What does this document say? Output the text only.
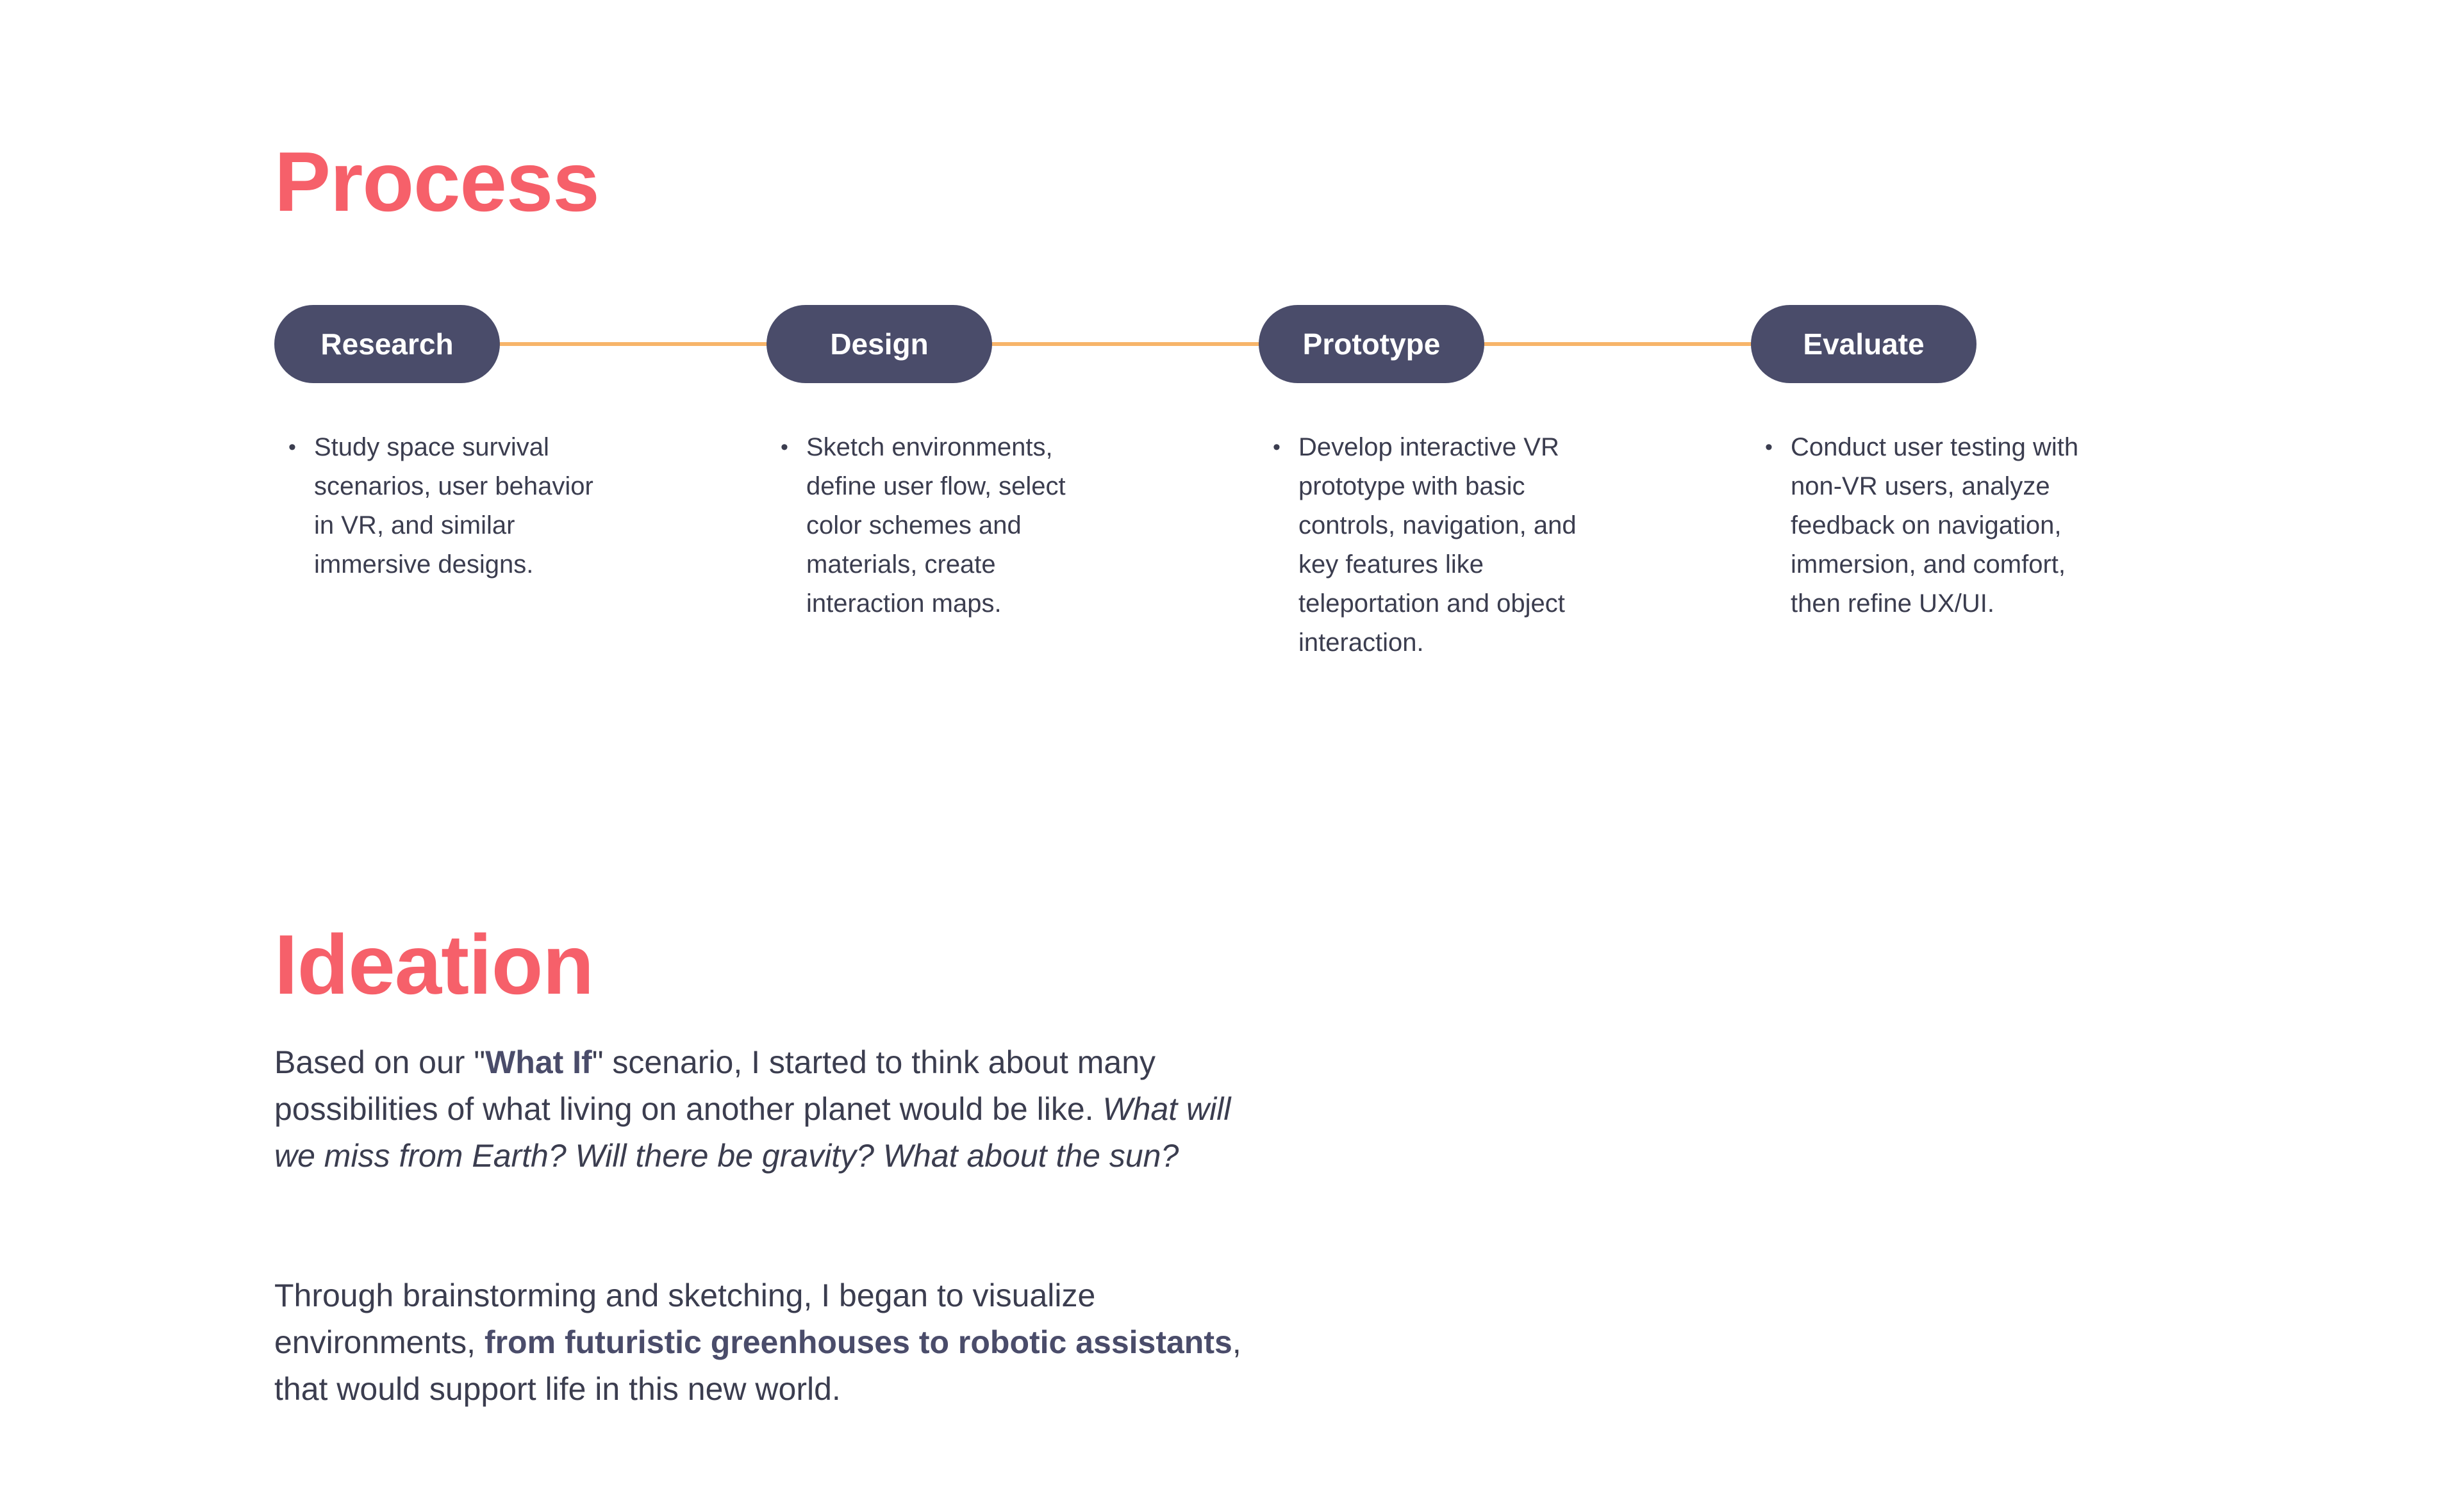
Process
Research	Design	Prototype	Evaluate
• Study space survival scenarios, user behavior in VR, and similar immersive designs.
• Sketch environments, define user flow, select color schemes and materials, create interaction maps.
• Develop interactive VR prototype with basic controls, navigation, and key features like teleportation and object interaction.
• Conduct user testing with non-VR users, analyze feedback on navigation, immersion, and comfort, then refine UX/UI.
Ideation

Based on our "What If" scenario, I started to think about many possibilities of what living on another planet would be like. What will we miss from Earth? Will there be gravity? What about the sun?

Through brainstorming and sketching, I began to visualize environments, from futuristic greenhouses to robotic assistants, that would support life in this new world.
